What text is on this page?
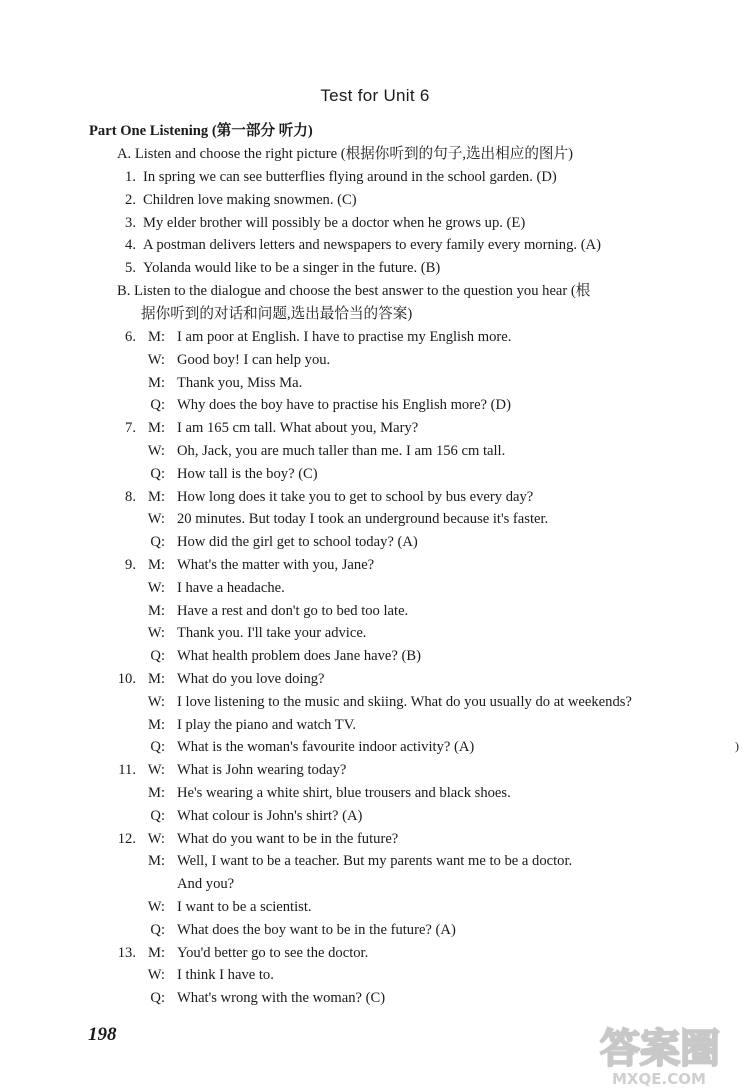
Test for Unit 6
Part One Listening (第一部分 听力)
A. Listen and choose the right picture (根据你听到的句子,选出相应的图片)
1. In spring we can see butterflies flying around in the school garden. (D)
2. Children love making snowmen. (C)
3. My elder brother will possibly be a doctor when he grows up. (E)
4. A postman delivers letters and newspapers to every family every morning. (A)
5. Yolanda would like to be a singer in the future. (B)
B. Listen to the dialogue and choose the best answer to the question you hear (根
据你听到的对话和问题,选出最恰当的答案)
6. M: I am poor at English. I have to practise my English more.
W: Good boy! I can help you.
M: Thank you, Miss Ma.
Q: Why does the boy have to practise his English more? (D)
7. M: I am 165 cm tall. What about you, Mary?
W: Oh, Jack, you are much taller than me. I am 156 cm tall.
Q: How tall is the boy? (C)
8. M: How long does it take you to get to school by bus every day?
W: 20 minutes. But today I took an underground because it's faster.
Q: How did the girl get to school today? (A)
9. M: What's the matter with you, Jane?
W: I have a headache.
M: Have a rest and don't go to bed too late.
W: Thank you. I'll take your advice.
Q: What health problem does Jane have? (B)
10. M: What do you love doing?
W: I love listening to the music and skiing. What do you usually do at weekends?
M: I play the piano and watch TV.
Q: What is the woman's favourite indoor activity? (A)
11. W: What is John wearing today?
M: He's wearing a white shirt, blue trousers and black shoes.
Q: What colour is John's shirt? (A)
12. W: What do you want to be in the future?
M: Well, I want to be a teacher. But my parents want me to be a doctor.
And you?
W: I want to be a scientist.
Q: What does the boy want to be in the future? (A)
13. M: You'd better go to see the doctor.
W: I think I have to.
Q: What's wrong with the woman? (C)
)
198	答案圈
MXQE.COM
